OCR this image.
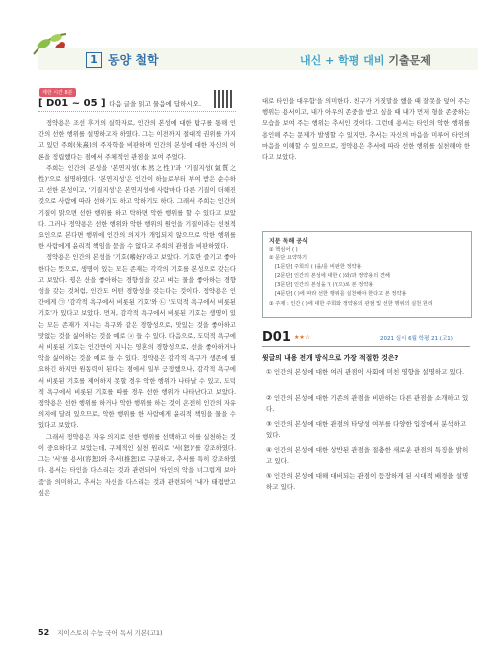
1 동양 철학	내신 + 학평 대비 기출문제
제한 시간 8분
[ D01 ~ 05 ] 다음 글을 읽고 물음에 답하시오.

정약용은 조선 후기의 실학자로, 인간의 본성에 대한 탐구를 통해 인간의 선한 행위를 설명하고자 하였다. 그는 이전까지 절대적 권위를 가지고 있던 주희(朱熹)의 주자학을 비판하며 인간의 본성에 대한 자신의 이론을 정립했다는 점에서 주체적인 관점을 보여 주었다.

주희는 인간의 본성을 '본연지성(本然之性)'과 '기질지성(氣質之性)'으로 설명하였다. '본연지성'은 인간이 하늘로부터 부여 받은 순수하고 선한 본성이고, '기질지성'은 본연지성에 사람마다 다른 기질이 더해진 것으로 사람에 따라 선하기도 하고 악하기도 하다. 그래서 주희는 인간의 기질이 맑으면 선한 행위를 하고 탁하면 악한 행위를 할 수 있다고 보았다. 그러나 정약용은 선한 행위와 악한 행위의 원인을 기질이라는 선천적 요인으로 본다면 행위에 인간의 의지가 개입되지 않으므로 악한 행위를 한 사람에게 윤리적 책임을 묻을 수 없다고 주희의 관점을 비판하였다.

정약용은 인간의 본성을 '기호(嗜好)'라고 보았다. 기호란 즐기고 좋아한다는 뜻으로, 생명이 있는 모든 존재는 각각의 기호를 본성으로 갖는다고 보았다. 꿩은 산을 좋아하는 경향성을 갖고 벼는 물을 좋아하는 경향성을 갖는 것처럼, 인간도 어떤 경향성을 갖는다는 것이다. 정약용은 인간에게 ㉠ '감각적 욕구에서 비롯된 기호'와 ㉡ '도덕적 욕구에서 비롯된 기호'가 있다고 보았다. 먼저, 감각적 욕구에서 비롯된 기호는 생명이 있는 모든 존재가 지니는 욕구와 같은 경향성으로, 맛있는 것을 좋아하고 맛없는 것을 싫어하는 것을 예로 ⓐ 들 수 있다. 다음으로, 도덕적 욕구에서 비롯된 기호는 인간만이 지니는 영혼의 경향성으로, 선을 좋아하거나 악을 싫어하는 것을 예로 들 수 있다. 정약용은 감각적 욕구가 생존에 필요하긴 하지만 원동력이 된다는 점에서 일부 긍정했으나, 감각적 욕구에서 비롯된 기호를 제어하지 못할 경우 악한 행위가 나타날 수 있고, 도덕적 욕구에서 비롯된 기호를 따를 경우 선한 행위가 나타난다고 보았다. 정약용은 선한 행위를 하거나 악한 행위를 하는 것이 온전히 인간의 자유 의지에 달려 있으므로, 악한 행위를 한 사람에게 윤리적 책임을 물을 수 있다고 보았다.

그래서 정약용은 자유 의지로 선한 행위를 선택하고 이를 실천하는 것이 중요하다고 보았는데, 구체적인 실천 원리로 '서(恕)'를 강조하였다. 그는 '서'를 용서(容恕)와 추서(推恕)로 구분하고, 추서를 특히 강조하였다. 용서는 타인을 다스리는 것과 관련되어 '타인의 악을 너그럽게 보아줌'을 의미하고, 추서는 자신을 다스리는 것과 관련되어 '내가 태접받고 싶은

대로 타인을 대우함'을 의미한다. 친구가 거짓말을 했을 때 잘못을 덮어 주는 행위는 용서이고, 내가 아우의 존중을 받고 싶을 때 내가 먼저 형을 존중하는 모습을 보여 주는 행위는 추서인 것이다. 그런데 용서는 타인의 악한 행위를 용인해 주는 문제가 발생할 수 있지만, 추서는 자신의 마음을 미루어 타인의 마음을 이해할 수 있으므로, 정약용은 추서에 따라 선한 행위를 실천해야 한다고 보았다.

지문 독해 공식
① 핵심어 ( )
② 문단 요약하기
[1문단] 주희의 ( )을/를 비판한 정약용
[2문단] 인간의 본성에 대한 ( )와/과 정약용의 견해
[3문단] 인간의 본성을 '( )'(으)로 본 정약용
[4문단] ( )에 따라 선한 행위를 실천해야 한다고 본 정약용
③ 주제 : 인간 ( )에 대한 주희와 정약용의 관점 및 선한 행위의 실천 원리
D01 ★★☆	2021 실시 6월 학평 21 (고1)
윗글의 내용 전개 방식으로 가장 적절한 것은?
① 인간의 본성에 대한 여러 관점이 사회에 미친 영향을 설명하고 있다.
② 인간의 본성에 대한 기존의 관점을 비판하는 다른 관점을 소개하고 있다.
③ 인간의 본성에 대한 관점의 타당성 여부를 다양한 입장에서 분석하고 있다.
④ 인간의 본성에 대한 상반된 관점을 절충한 새로운 관점의 특징을 밝히고 있다.
⑤ 인간의 본성에 대해 대비되는 관점이 등장하게 된 시대적 배경을 설명하고 있다.
52 지이스토리 수능 국어 독서 기본(고1)
